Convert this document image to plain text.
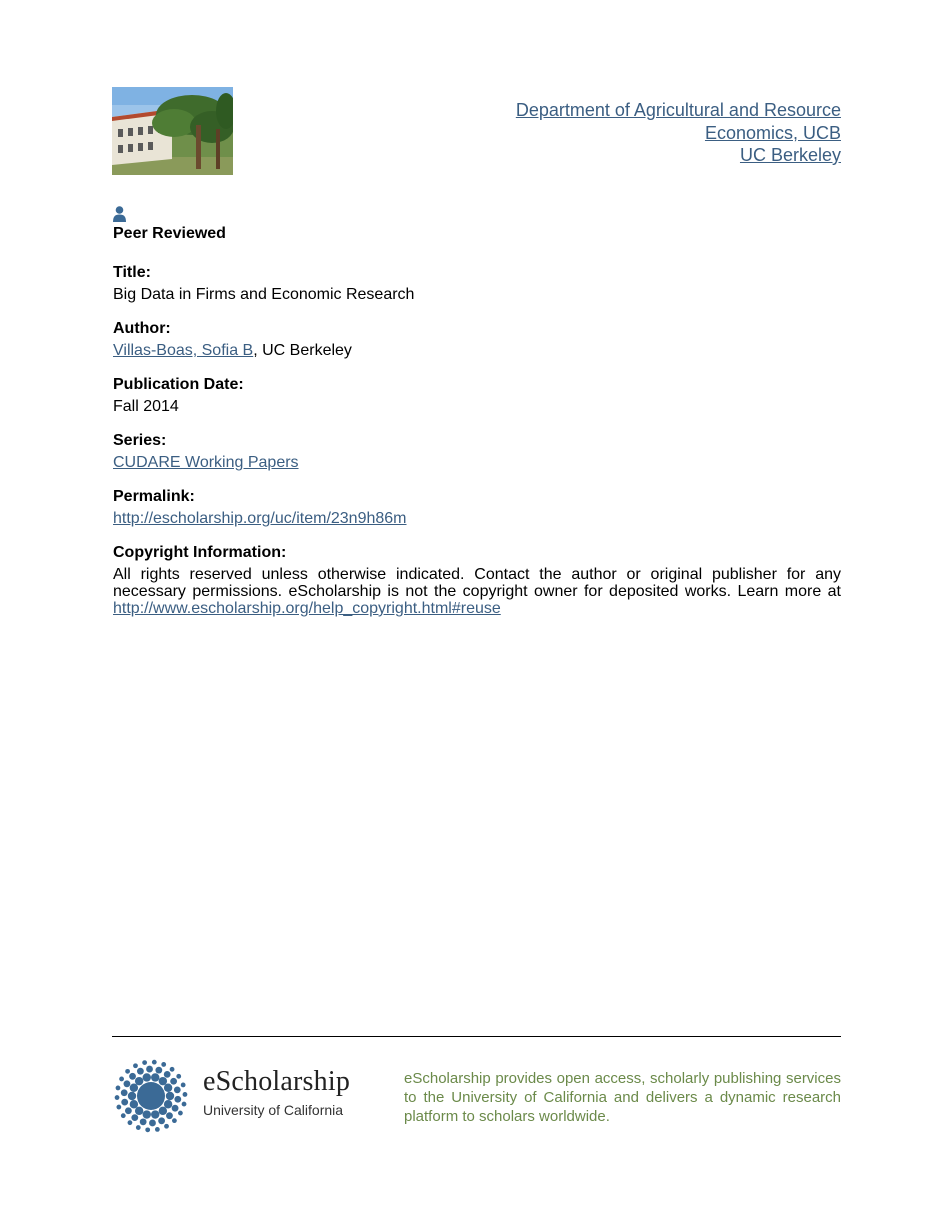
Department of Agricultural and Resource
Economics, UCB
UC Berkeley
Peer Reviewed
Title:
Big Data in Firms and Economic Research
Author:
Villas-Boas, Sofia B, UC Berkeley
Publication Date:
Fall 2014
Series:
CUDARE Working Papers
Permalink:
http://escholarship.org/uc/item/23n9h86m
Copyright Information:
All rights reserved unless otherwise indicated. Contact the author or original publisher for any necessary permissions. eScholarship is not the copyright owner for deposited works. Learn more at http://www.escholarship.org/help_copyright.html#reuse
eScholarship
University of California
eScholarship provides open access, scholarly publishing services to the University of California and delivers a dynamic research platform to scholars worldwide.
